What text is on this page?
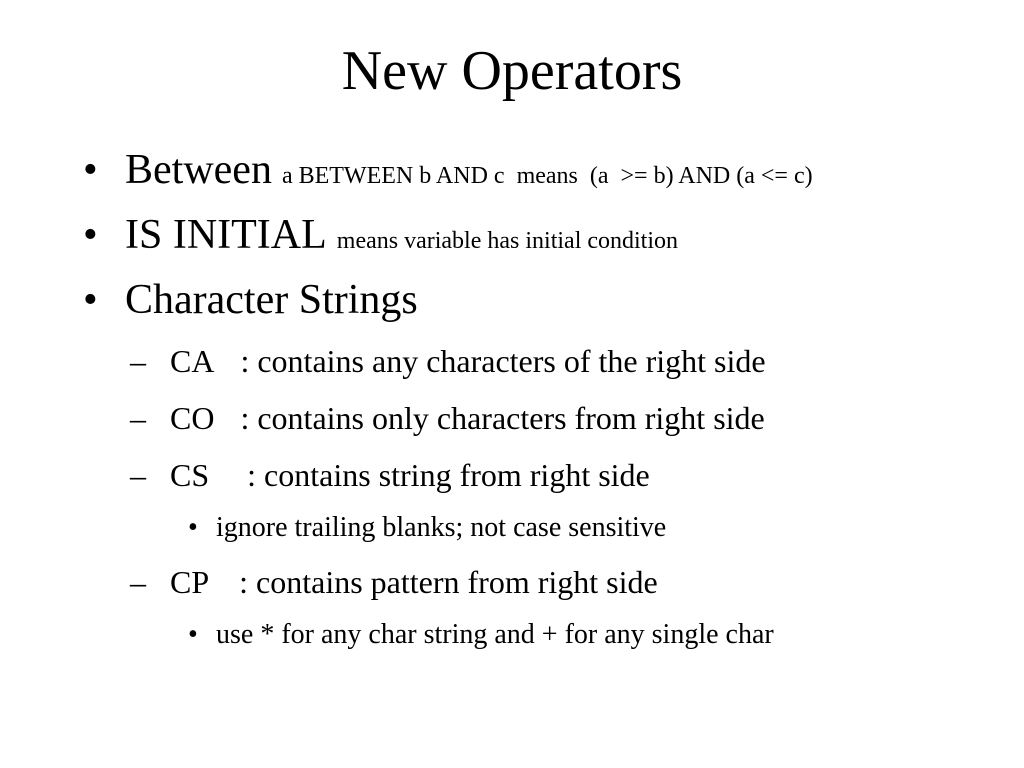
New Operators
• Between a BETWEEN b AND c means (a  >= b) AND (a <= c)
• IS INITIAL means variable has initial condition
• Character Strings
– CA : contains any characters of the right side
– CO : contains only characters from right side
– CS : contains string from right side
• ignore trailing blanks; not case sensitive
– CP : contains pattern from right side
• use * for any char string and + for any single char
